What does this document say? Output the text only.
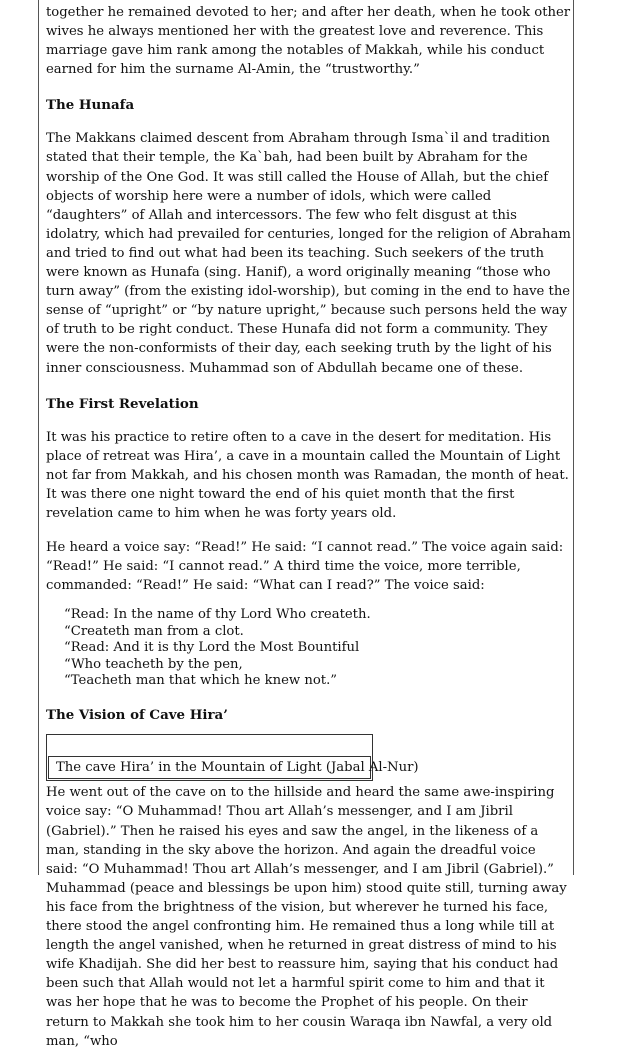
together he remained devoted to her; and after her death, when he took other wives he always mentioned her with the greatest love and reverence. This marriage gave him rank among the notables of Makkah, while his conduct earned for him the surname Al-Amin, the “trustworthy.”

The Hunafa

The Makkans claimed descent from Abraham through Isma`il and tradition stated that their temple, the Ka`bah, had been built by Abraham for the worship of the One God. It was still called the House of Allah, but the chief objects of worship here were a number of idols, which were called “daughters” of Allah and intercessors. The few who felt disgust at this idolatry, which had prevailed for centuries, longed for the religion of Abraham and tried to find out what had been its teaching. Such seekers of the truth were known as Hunafa (sing. Hanif), a word originally meaning “those who turn away” (from the existing idol-worship), but coming in the end to have the sense of “upright” or “by nature upright,” because such persons held the way of truth to be right conduct. These Hunafa did not form a community. They were the non-conformists of their day, each seeking truth by the light of his inner consciousness. Muhammad son of Abdullah became one of these.

The First Revelation

It was his practice to retire often to a cave in the desert for meditation. His place of retreat was Hira’, a cave in a mountain called the Mountain of Light not far from Makkah, and his chosen month was Ramadan, the month of heat. It was there one night toward the end of his quiet month that the first revelation came to him when he was forty years old.

He heard a voice say: “Read!” He said: “I cannot read.” The voice again said: “Read!” He said: “I cannot read.” A third time the voice, more terrible, commanded: “Read!” He said: “What can I read?” The voice said:

“Read: In the name of thy Lord Who createth.
“Createth man from a clot.
“Read: And it is thy Lord the Most Bountiful
“Who teacheth by the pen,
“Teacheth man that which he knew not.”
The Vision of Cave Hira’
The cave Hira’ in the Mountain of Light (Jabal Al-Nur)

He went out of the cave on to the hillside and heard the same awe-inspiring voice say: “O Muhammad! Thou art Allah’s messenger, and I am Jibril (Gabriel).” Then he raised his eyes and saw the angel, in the likeness of a man, standing in the sky above the horizon. And again the dreadful voice said: “O Muhammad! Thou art Allah’s messenger, and I am Jibril (Gabriel).” Muhammad (peace and blessings be upon him) stood quite still, turning away his face from the brightness of the vision, but wherever he turned his face, there stood the angel confronting him. He remained thus a long while till at length the angel vanished, when he returned in great distress of mind to his wife Khadijah. She did her best to reassure him, saying that his conduct had been such that Allah would not let a harmful spirit come to him and that it was her hope that he was to become the Prophet of his people. On their return to Makkah she took him to her cousin Waraqa ibn Nawfal, a very old man, “who
